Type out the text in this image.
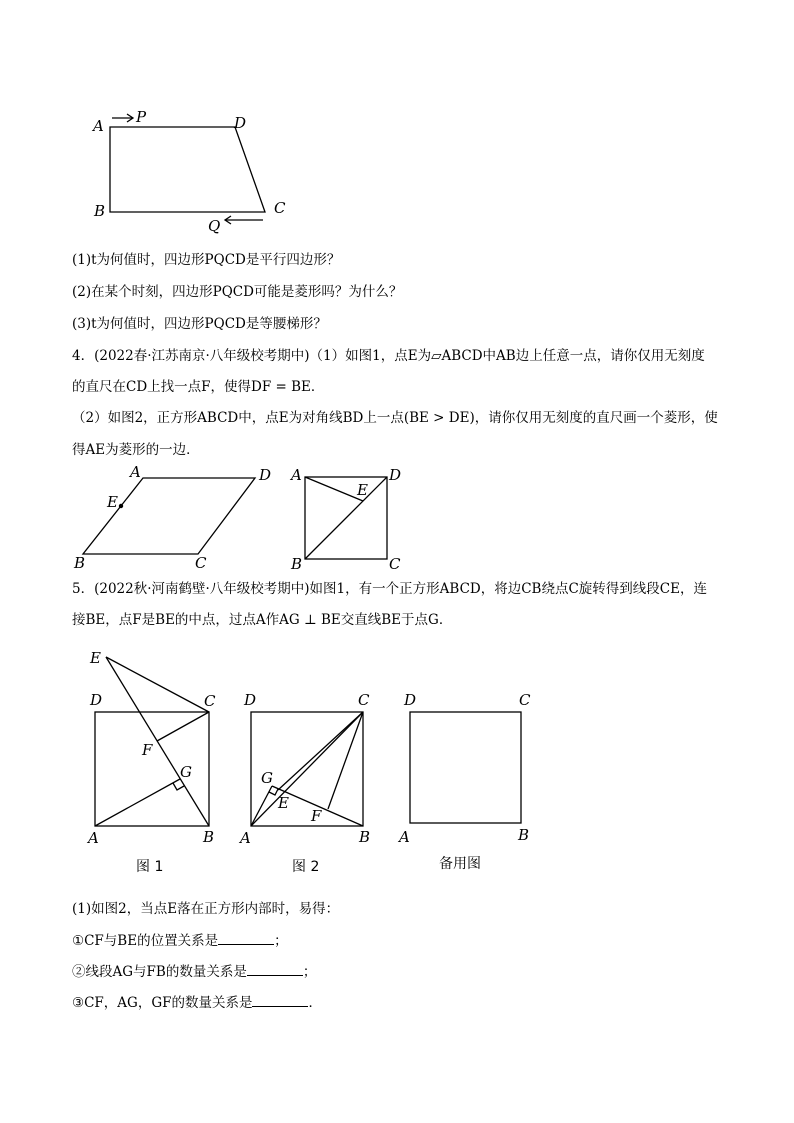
A P	D
B	C
Q
(1)t为何值时，四边形PQCD是平行四边形？
(2)在某个时刻，四边形PQCD可能是菱形吗？为什么？
(3)t为何值时，四边形PQCD是等腰梯形？
4．(2022春·江苏南京·八年级校考期中)（1）如图1，点E为▱ABCD中AB边上任意一点，请你仅用无刻度
的直尺在CD上找一点F，使得DF = BE．
（2）如图2，正方形ABCD中，点E为对角线BD上一点(BE > DE)，请你仅用无刻度的直尺画一个菱形，使
得AE为菱形的一边．
A	D
E
B	C
A	D
E
B	C
5．(2022秋·河南鹤壁·八年级校考期中)如图1，有一个正方形ABCD，将边CB绕点C旋转得到线段CE，连
接BE，点F是BE的中点，过点A作AG ⊥ BE交直线BE于点G．
E
D	C
F
G
A	B
图 1
D	C
G
E
F
A	B
图 2
D	C
A	B
备用图
(1)如图2，当点E落在正方形内部时，易得：
①CF与BE的位置关系是	；
②线段AG与FB的数量关系是	；
③CF，AG，GF的数量关系是	．
